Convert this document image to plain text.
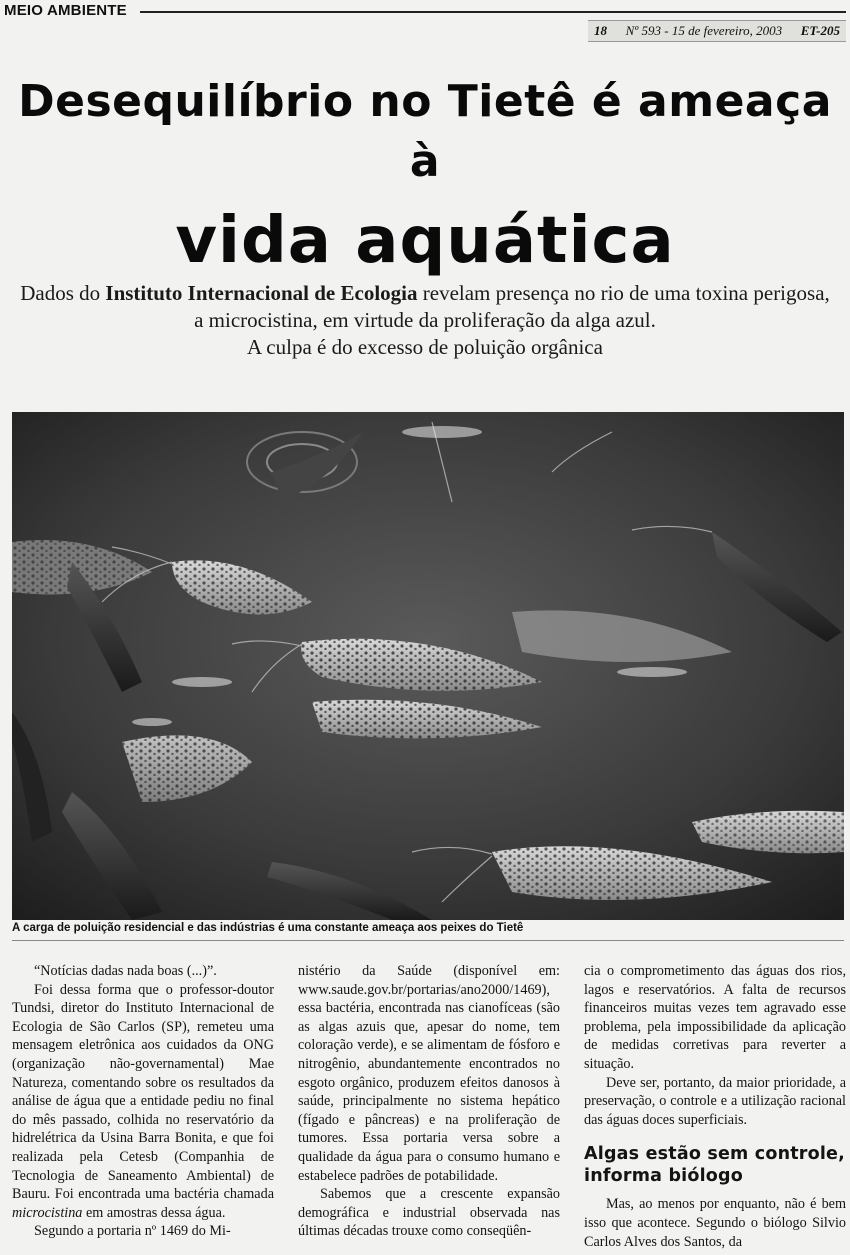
MEIO AMBIENTE
18 Nº 593 - 15 de fevereiro, 2003 ET-205
Desequilíbrio no Tietê é ameaça à
vida aquática
Dados do Instituto Internacional de Ecologia revelam presença no rio de uma toxina perigosa, a microcistina, em virtude da proliferação da alga azul.
A culpa é do excesso de poluição orgânica
A carga de poluição residencial e das indústrias é uma constante ameaça aos peixes do Tietê

“Notícias dadas nada boas (...)”.

Foi dessa forma que o professor-doutor Tundsi, diretor do Instituto Internacional de Ecologia de São Carlos (SP), remeteu uma mensagem eletrônica aos cuidados da ONG (organização não-governamental) Mae Natureza, comentando sobre os resultados da análise de água que a entidade pediu no final do mês passado, colhida no reservatório da hidrelétrica da Usina Barra Bonita, e que foi realizada pela Cetesb (Companhia de Tecnologia de Saneamento Ambiental) de Bauru. Foi encontrada uma bactéria chamada microcistina em amostras dessa água.

Segundo a portaria nº 1469 do Mi-

nistério da Saúde (disponível em: www.saude.gov.br/portarias/ano2000/1469), essa bactéria, encontrada nas cianofíceas (são as algas azuis que, apesar do nome, tem coloração verde), e se alimentam de fósforo e nitrogênio, abundantemente encontrados no esgoto orgânico, produzem efeitos danosos à saúde, principalmente no sistema hepático (fígado e pâncreas) e na proliferação de tumores. Essa portaria versa sobre a qualidade da água para o consumo humano e estabelece padrões de potabilidade.

Sabemos que a crescente expansão demográfica e industrial observada nas últimas décadas trouxe como conseqüên-

cia o comprometimento das águas dos rios, lagos e reservatórios. A falta de recursos financeiros muitas vezes tem agravado esse problema, pela impossibilidade da aplicação de medidas corretivas para reverter a situação.

Deve ser, portanto, da maior prioridade, a preservação, o controle e a utilização racional das águas doces superficiais.

Algas estão sem controle, informa biólogo

Mas, ao menos por enquanto, não é bem isso que acontece. Segundo o biólogo Silvio Carlos Alves dos Santos, da
